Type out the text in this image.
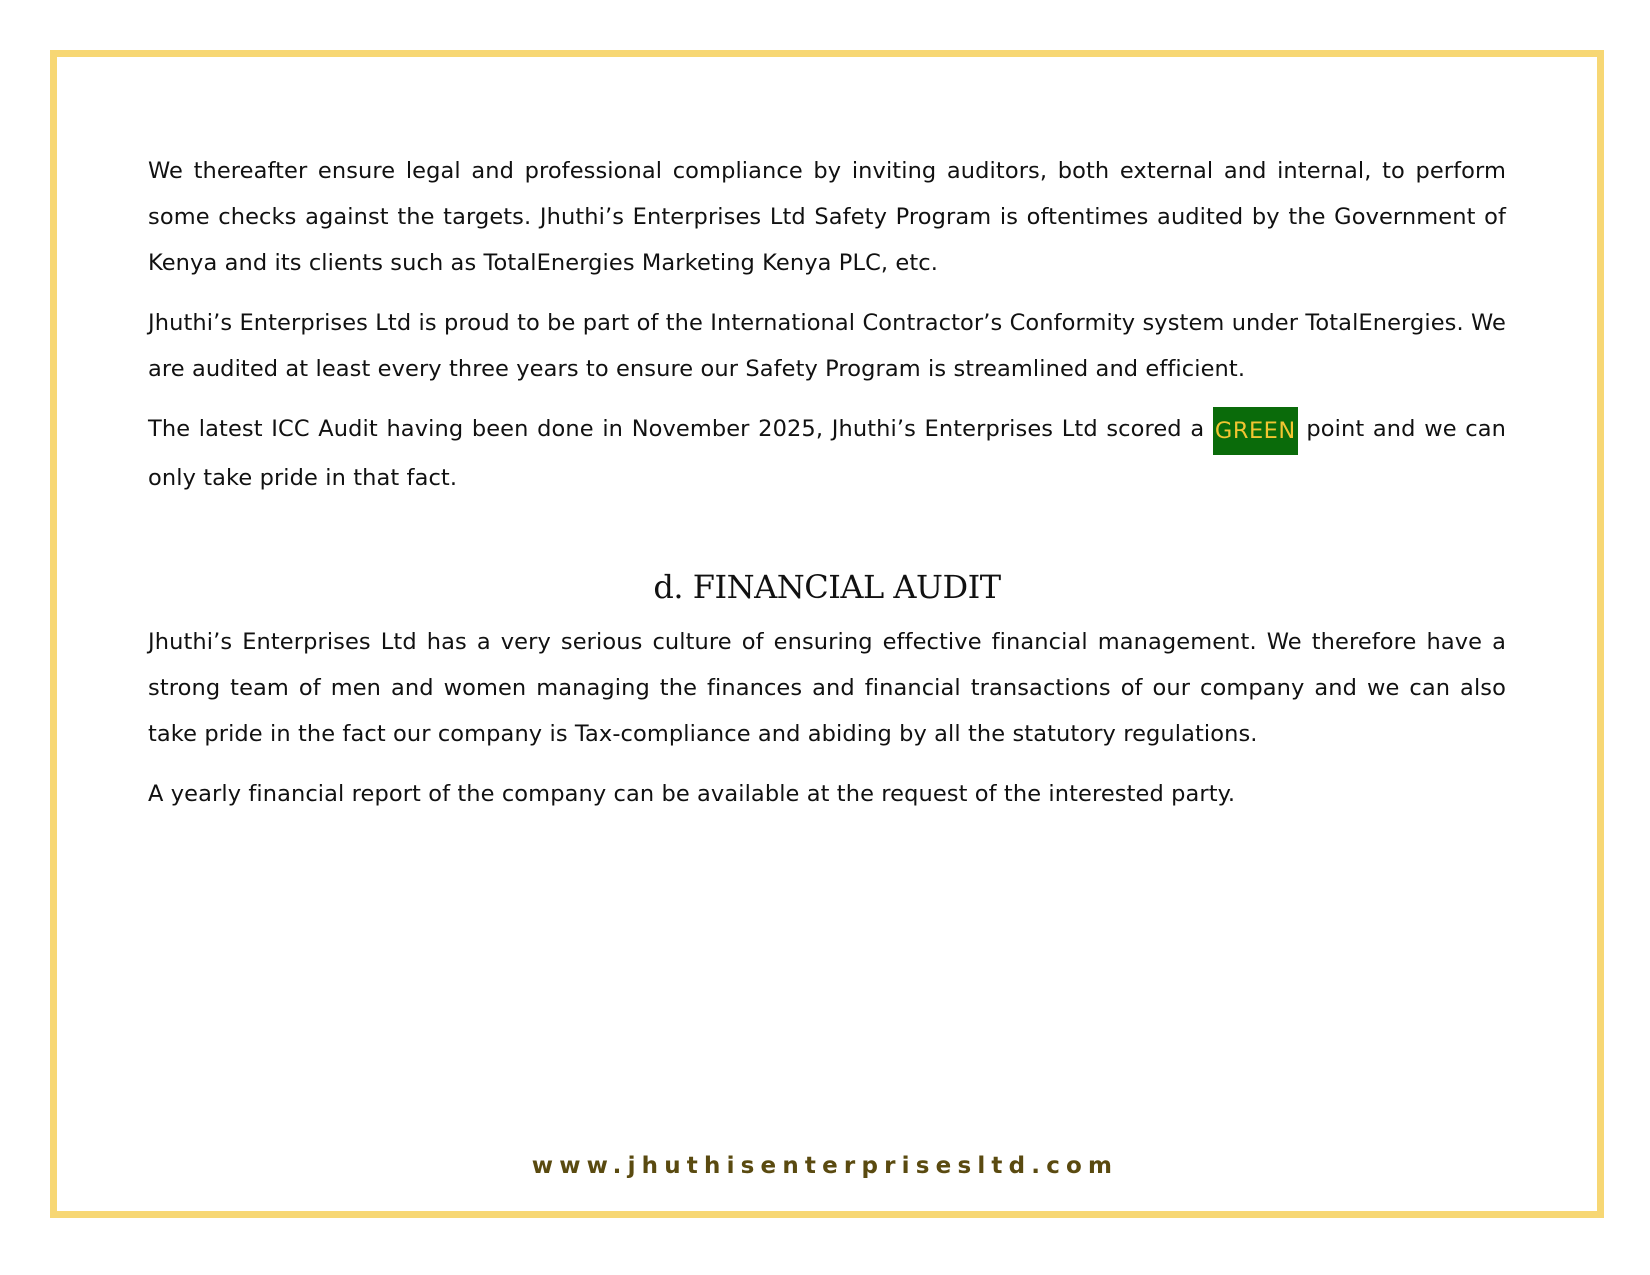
We thereafter ensure legal and professional compliance by inviting auditors, both external and internal, to perform some checks against the targets. Jhuthi’s Enterprises Ltd Safety Program is oftentimes audited by the Government of Kenya and its clients such as TotalEnergies Marketing Kenya PLC, etc.

Jhuthi’s Enterprises Ltd is proud to be part of the International Contractor’s Conformity system under TotalEnergies. We are audited at least every three years to ensure our Safety Program is streamlined and efficient.

The latest ICC Audit having been done in November 2025, Jhuthi’s Enterprises Ltd scored a GREEN point and we can only take pride in that fact.

d. FINANCIAL AUDIT

Jhuthi’s Enterprises Ltd has a very serious culture of ensuring effective financial management. We therefore have a strong team of men and women managing the finances and financial transactions of our company and we can also take pride in the fact our company is Tax-compliance and abiding by all the statutory regulations.

A yearly financial report of the company can be available at the request of the interested party.

www.jhuthisenterprisesltd.com
